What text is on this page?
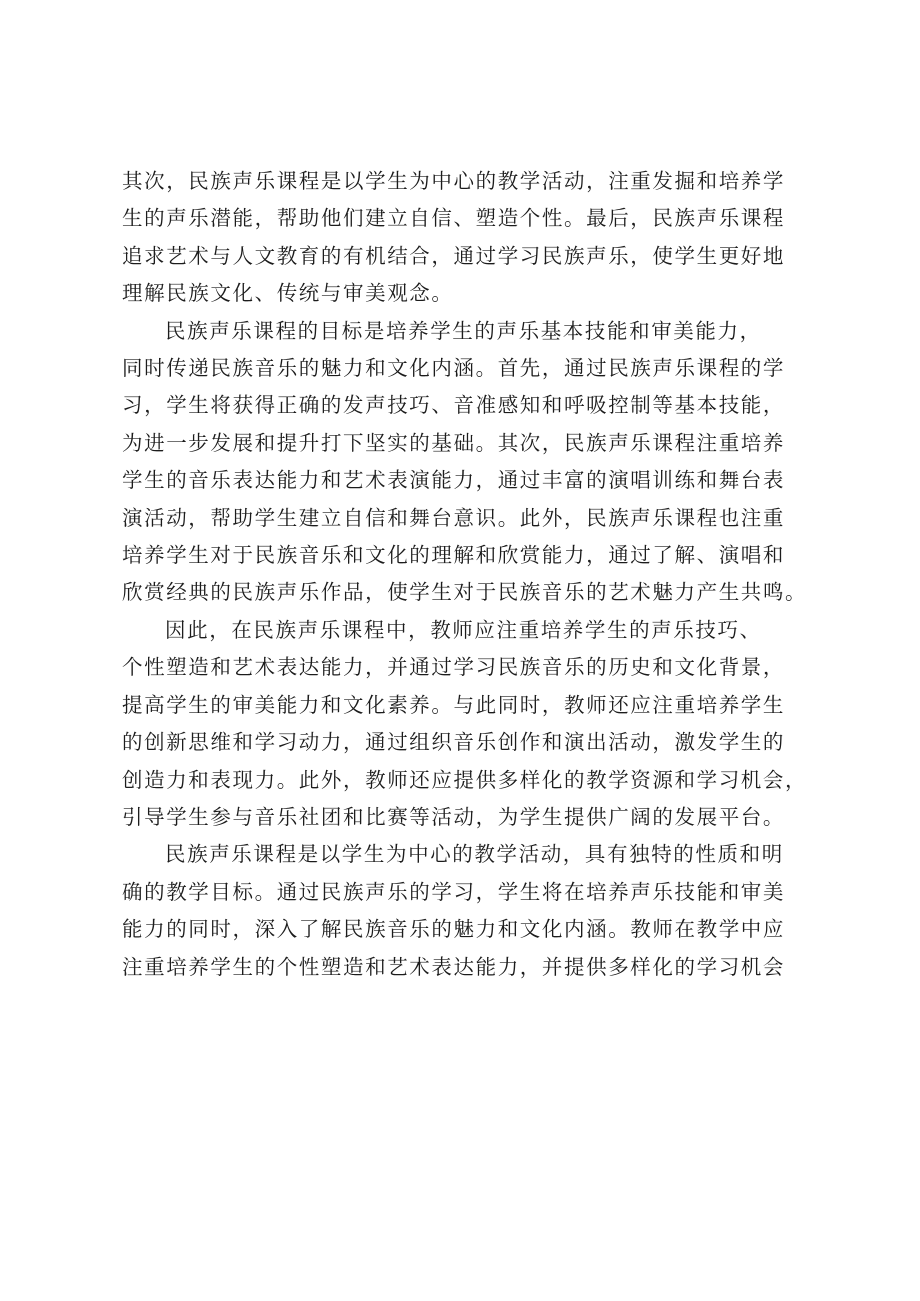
其次，民族声乐课程是以学生为中心的教学活动，注重发掘和培养学
生的声乐潜能，帮助他们建立自信、塑造个性。最后，民族声乐课程
追求艺术与人文教育的有机结合，通过学习民族声乐，使学生更好地
理解民族文化、传统与审美观念。

民族声乐课程的目标是培养学生的声乐基本技能和审美能力，
同时传递民族音乐的魅力和文化内涵。首先，通过民族声乐课程的学
习，学生将获得正确的发声技巧、音准感知和呼吸控制等基本技能，
为进一步发展和提升打下坚实的基础。其次，民族声乐课程注重培养
学生的音乐表达能力和艺术表演能力，通过丰富的演唱训练和舞台表
演活动，帮助学生建立自信和舞台意识。此外，民族声乐课程也注重
培养学生对于民族音乐和文化的理解和欣赏能力，通过了解、演唱和
欣赏经典的民族声乐作品，使学生对于民族音乐的艺术魅力产生共鸣。

因此，在民族声乐课程中，教师应注重培养学生的声乐技巧、
个性塑造和艺术表达能力，并通过学习民族音乐的历史和文化背景，
提高学生的审美能力和文化素养。与此同时，教师还应注重培养学生
的创新思维和学习动力，通过组织音乐创作和演出活动，激发学生的
创造力和表现力。此外，教师还应提供多样化的教学资源和学习机会，
引导学生参与音乐社团和比赛等活动，为学生提供广阔的发展平台。

民族声乐课程是以学生为中心的教学活动，具有独特的性质和明
确的教学目标。通过民族声乐的学习，学生将在培养声乐技能和审美
能力的同时，深入了解民族音乐的魅力和文化内涵。教师在教学中应
注重培养学生的个性塑造和艺术表达能力，并提供多样化的学习机会
